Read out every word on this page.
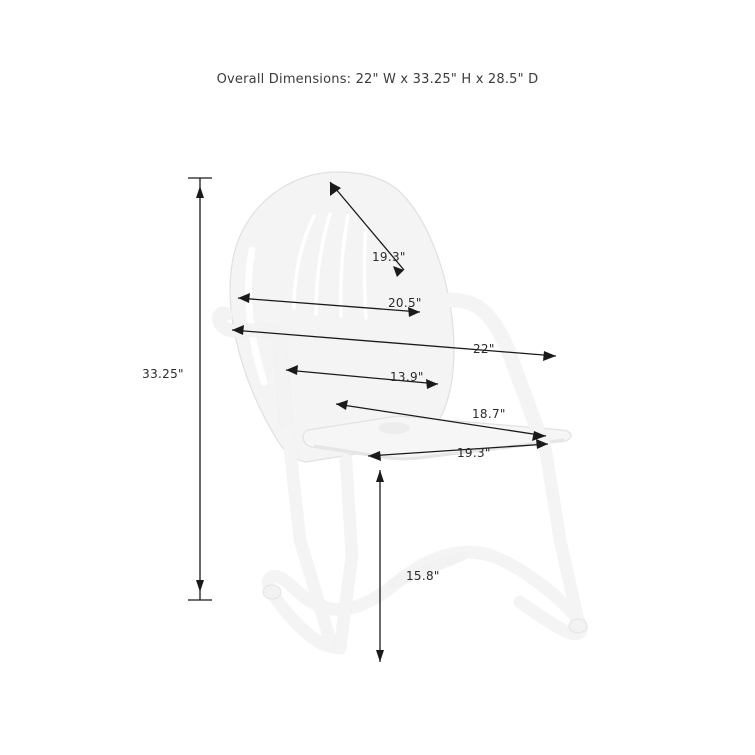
Overall Dimensions: 22" W x 33.25" H x 28.5" D
33.25"
19.3"
20.5"
22"
13.9"
18.7"
19.3"
15.8"
